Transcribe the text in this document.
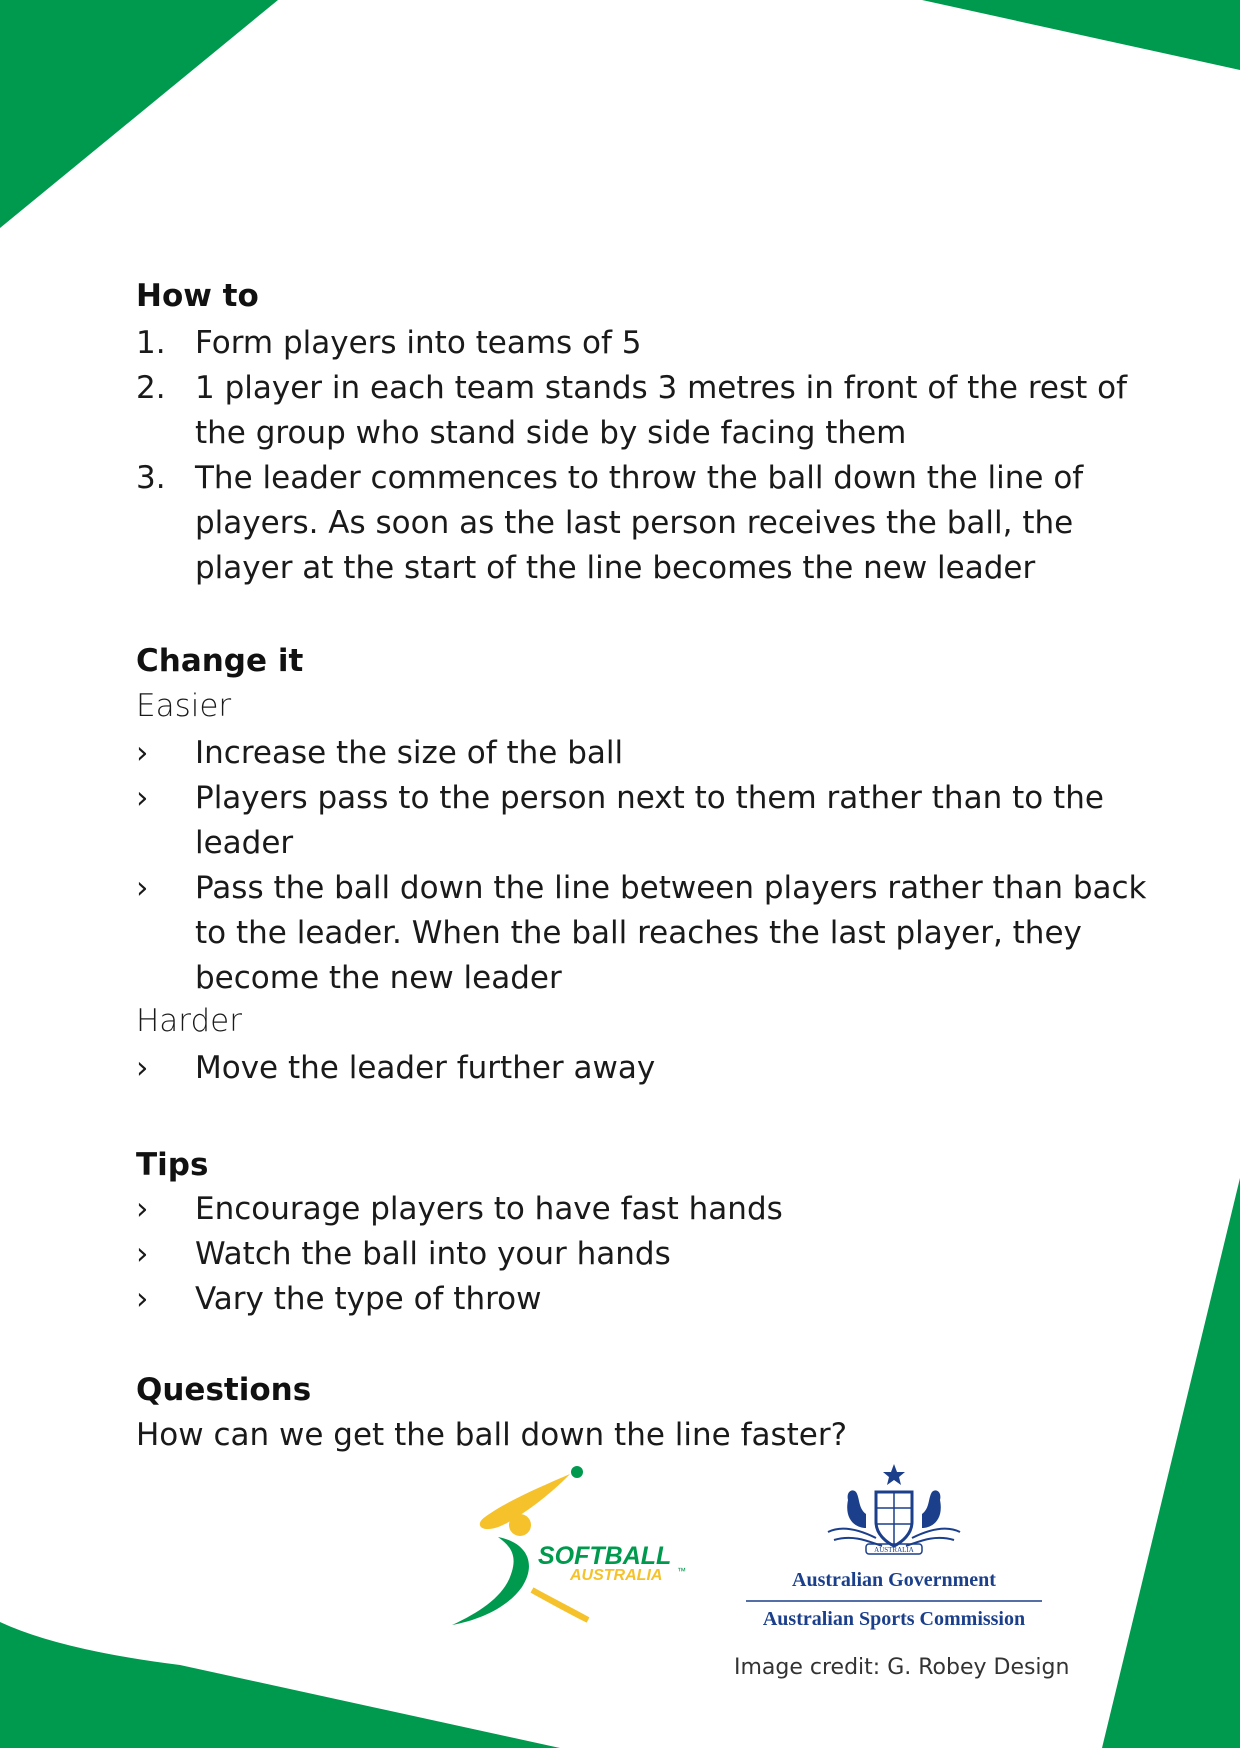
How to
1. Form players into teams of 5
2. 1 player in each team stands 3 metres in front of the rest of
the group who stand side by side facing them
3. The leader commences to throw the ball down the line of
players. As soon as the last person receives the ball, the
player at the start of the line becomes the new leader
Change it
Easier
›	Increase the size of the ball
›	Players pass to the person next to them rather than to the
leader
›	Pass the ball down the line between players rather than back
to the leader. When the ball reaches the last player, they
become the new leader
Harder
›	Move the leader further away
Tips
›	Encourage players to have fast hands
›	Watch the ball into your hands
›	Vary the type of throw
Questions
How can we get the ball down the line faster?
SOFTBALL
AUSTRALIA ™
AUSTRALIA
Australian Government
Australian Sports Commission
Image credit: G. Robey Design
